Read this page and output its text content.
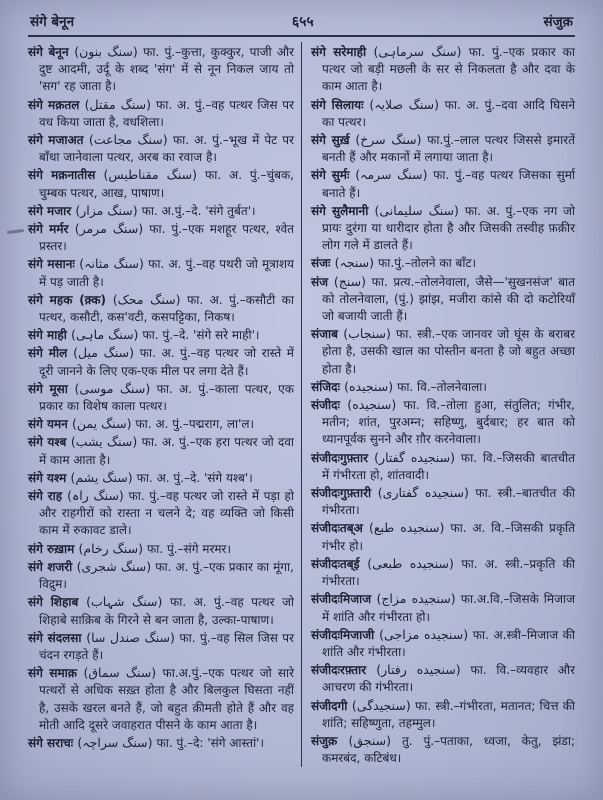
संगे बेनून	६५५	संजुक़

संगे बेनून (سنگ بنون) फा. पुं.–कुत्ता, कुक्कुर, पाजी और दुष्ट आदमी, उर्दू के शब्द 'संग' में से नून निकल जाय तो 'सग' रह जाता है।

संगे मक़तल (سنگ مقتل) फा. अ. पुं.–वह पत्थर जिस पर वध किया जाता है, वधशिला।

संगे मजाअत (سنگ مجاعت) फा. अ. पुं.–भूख में पेट पर बाँधा जानेवाला पत्थर, अरब का रवाज है।

संगे मक़नातीस (سنگ مقناطيس) फा. अ. पुं.–चुंबक, चुम्बक पत्थर, आख, पाषाण।

संगे मजार (سنگ مزار) फा. अ.पुं.–दे. 'संगे तुर्बत'।

संगे मर्मर (سنگ مرمر) फा. पुं.–एक मशहूर पत्थर, श्वेत प्रस्तर।

संगे मसानः (سنگ مثانہ) फा. अ. पुं.–वह पथरी जो मूत्राशय में पड़ जाती है।

संगे महक (क़्क) (سنگ محک) फा. अ. पुं.–कसौटी का पत्थर, कसौटी, कस'वटी, कसपट्टिका, निकष।

संगे माही (سنگ ماہی) फा. पुं.–दे. 'संगे सरे माही'।

संगे मील (سنگ ميل) फा. अ. पुं.–वह पत्थर जो रास्ते में दूरी जानने के लिए एक-एक मील पर लगा देते हैं।

संगे मूसा (سنگ موسی) फा. अ. पुं.–काला पत्थर, एक प्रकार का विशेष काला पत्थर।

संगे यमन (سنگ يمن) फा. अ. पुं.–पद्मराग, ला'ल।

संगे यश्ब (سنگ يشب) फा. अ. पुं.–एक हरा पत्थर जो दवा में काम आता है।

संगे यश्म (سنگ يشم) फा. अ. पुं.–दे. 'संगे यश्ब'।

संगे राह (سنگ راہ) फा. पुं.–वह पत्थर जो रास्ते में पड़ा हो और राहगीरों को रास्ता न चलने दे; वह व्यक्ति जो किसी काम में रुकावट डाले।

संगे रुख़ाम (سنگ رخام) फा. पुं.–संगे मरमर।

संगे शजरी (سنگ شجری) फा. अ. पुं.–एक प्रकार का मूंगा, विद्रुम।

संगे शिहाब (سنگ شہاب) फा. अ. पुं.–वह पत्थर जो शिहाबे साक़िब के गिरने से बन जाता है, उल्का-पाषाण।

संगे संदलसा (سنگ صندل سا) फा. पुं.–वह सिल जिस पर चंदन रगड़ते हैं।

संगे समाक़ (سنگ سماق) फा.अ.पुं.–एक पत्थर जो सारे पत्थरों से अधिक सख़्त होता है और बिलकुल घिसता नहीं है, उसके खरल बनते हैं, जो बहुत क़ीमती होते हैं और वह मोती आदि दूसरे जवाहरात पीसने के काम आता है।

संगे सराचः (سنگ سراچہ) फा. पुं.–दे: 'संगे आस्तां'।

संगे सरेमाही (سنگ سرماہی) फा. पुं.–एक प्रकार का पत्थर जो बड़ी मछली के सर से निकलता है और दवा के काम आता है।

संगे सिलायः (سنگ صلایہ) फा. अ. पुं.–दवा आदि घिसने का पत्थर।

संगे सुर्ख़ (سنگ سرخ) फा.पुं.–लाल पत्थर जिससे इमारतें बनती हैं और मकानों में लगाया जाता है।

संगे सुर्मः (سنگ سرمہ) फा. पुं.–वह पत्थर जिसका सुर्मा बनाते हैं।

संगे सुलैमानी (سنگ سليمانی) फा. अ. पुं.–एक नग जो प्रायः दुरंगा या धारीदार होता है और जिसकी तस्वीह फ़क़ीर लोग गले में डालते हैं।

संजः (سنجہ) फा.पुं.–तोलने का बाँट।

संज (سنج) फा. प्रत्य.–तोलनेवाला, जैसे—'सुखनसंज' बात को तोलनेवाला, (पुं.) झांझ, मजीरा कांसे की दो कटोरियाँ जो बजायी जाती हैं।

संजाब (سنجاب) फा. स्त्री.–एक जानवर जो घूंस के बराबर होता है, उसकी खाल का पोस्तीन बनता है जो बहुत अच्छा होता है।

संजिदः (سنجيده) फा. वि.–तोलनेवाला।

संजीदः (سنجيده) फा. वि.–तोला हुआ, संतुलित; गंभीर, मतीन; शांत, पुरअम्न; सहिष्णु, बुर्दबार; हर बात को ध्यानपूर्वक सुनने और ग़ौर करनेवाला।

संजीदःगुफ़्तार (سنجيده گفتار) फा. वि.–जिसकी बातचीत में गंभीरता हो, शांतवादी।

संजीदःगुफ़्तारी (سنجيده گفتاری) फा. स्त्री.–बातचीत की गंभीरता।

संजीदःतब्अ (سنجيده طبع) फा. अ. वि.–जिसकी प्रकृति गंभीर हो।

संजीदःतब्ई (سنجيده طبعی) फा. अ. स्त्री.–प्रकृति की गंभीरता।

संजीदःमिजाज (سنجيده مزاج) फा.अ.वि.–जिसके मिजाज में शांति और गंभीरता हो।

संजीदःमिजाजी (سنجيده مزاجی) फा. अ.स्त्री–मिजाज की शांति और गंभीरता।

संजीदःरफ़्तार (سنجيده رفتار) फा. वि.–व्यवहार और आचरण की गंभीरता।

संजीदगी (سنجيدگی) फा. स्त्री.–गंभीरता, मतानत; चित्त की शांति; सहिष्णुता, तहम्मुल।

संजुक़ (سنجق) तु. पुं.–पताका, ध्वजा, केतु, झंडा; कमरबंद, कटिबंध।
